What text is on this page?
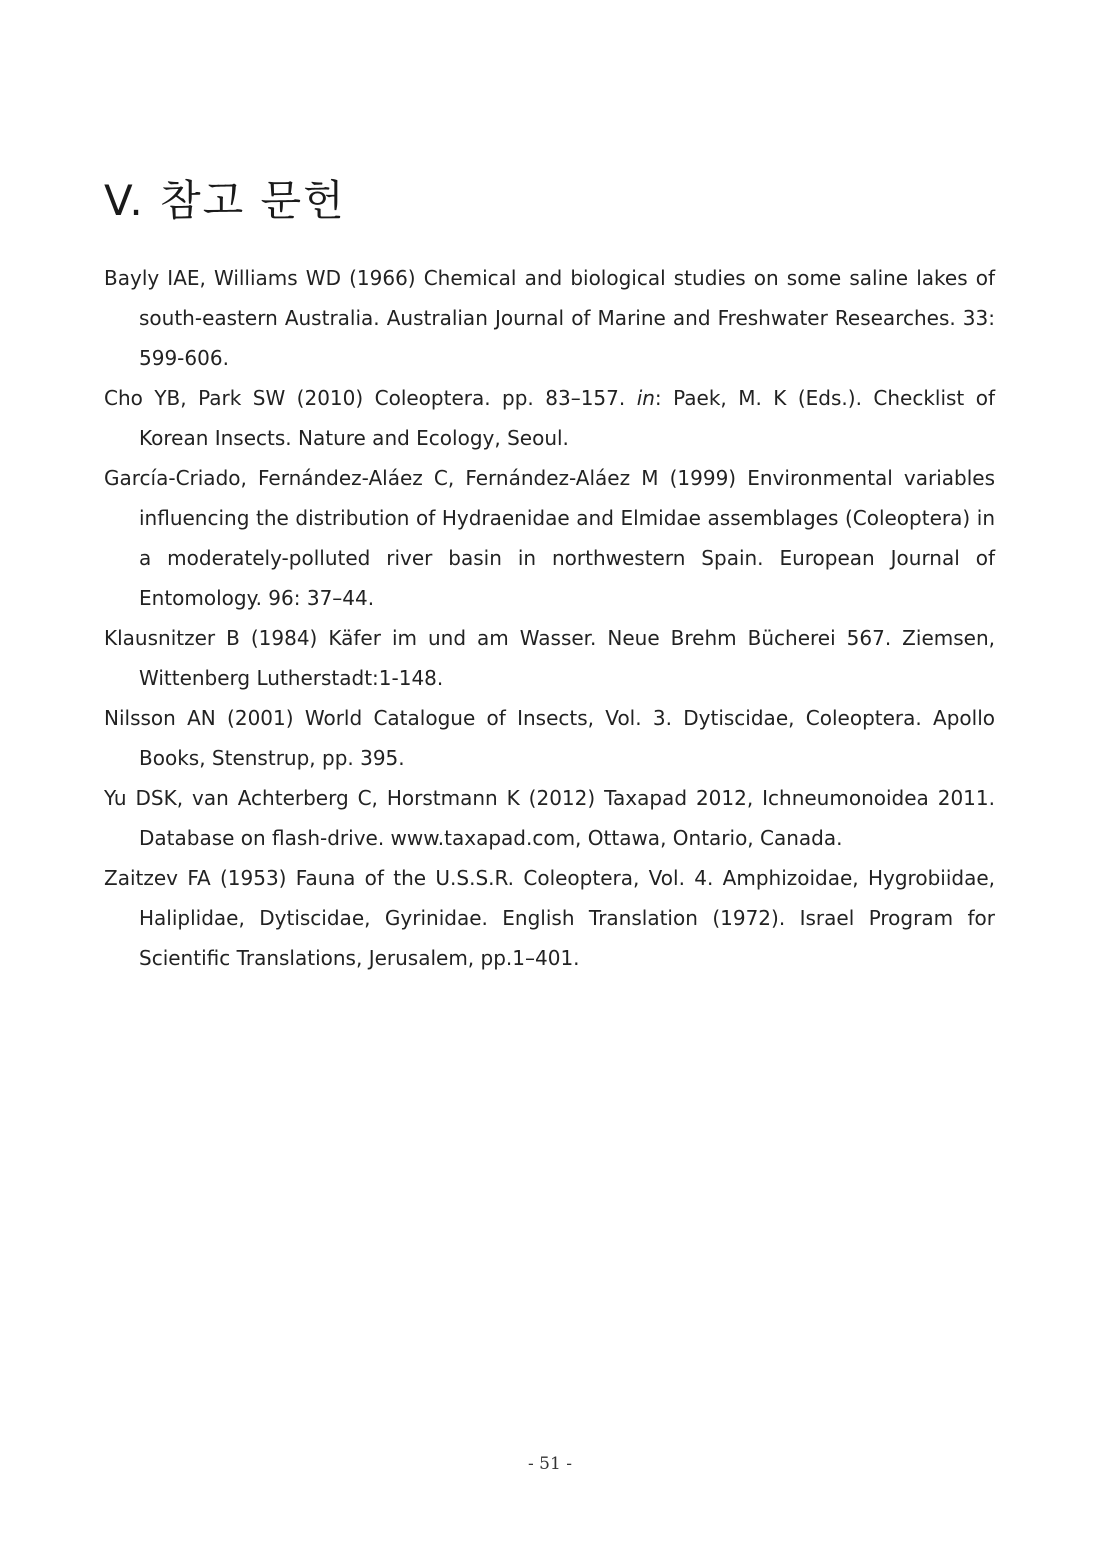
V. 참고 문헌
Bayly IAE, Williams WD (1966) Chemical and biological studies on some saline lakes of south-eastern Australia. Australian Journal of Marine and Freshwater Researches. 33: 599-606.
Cho YB, Park SW (2010) Coleoptera. pp. 83–157. in: Paek, M. K (Eds.). Checklist of Korean Insects. Nature and Ecology, Seoul.
García-Criado, Fernández-Aláez C, Fernández-Aláez M (1999) Environmental variables influencing the distribution of Hydraenidae and Elmidae assemblages (Coleoptera) in a moderately-polluted river basin in northwestern Spain. European Journal of Entomology. 96: 37–44.
Klausnitzer B (1984) Käfer im und am Wasser. Neue Brehm Bücherei 567. Ziemsen, Wittenberg Lutherstadt:1-148.
Nilsson AN (2001) World Catalogue of Insects, Vol. 3. Dytiscidae, Coleoptera. Apollo Books, Stenstrup, pp. 395.
Yu DSK, van Achterberg C, Horstmann K (2012) Taxapad 2012, Ichneumonoidea 2011. Database on flash-drive. www.taxapad.com, Ottawa, Ontario, Canada.
Zaitzev FA (1953) Fauna of the U.S.S.R. Coleoptera, Vol. 4. Amphizoidae, Hygrobiidae, Haliplidae, Dytiscidae, Gyrinidae. English Translation (1972). Israel Program for Scientific Translations, Jerusalem, pp.1–401.
- 51 -
